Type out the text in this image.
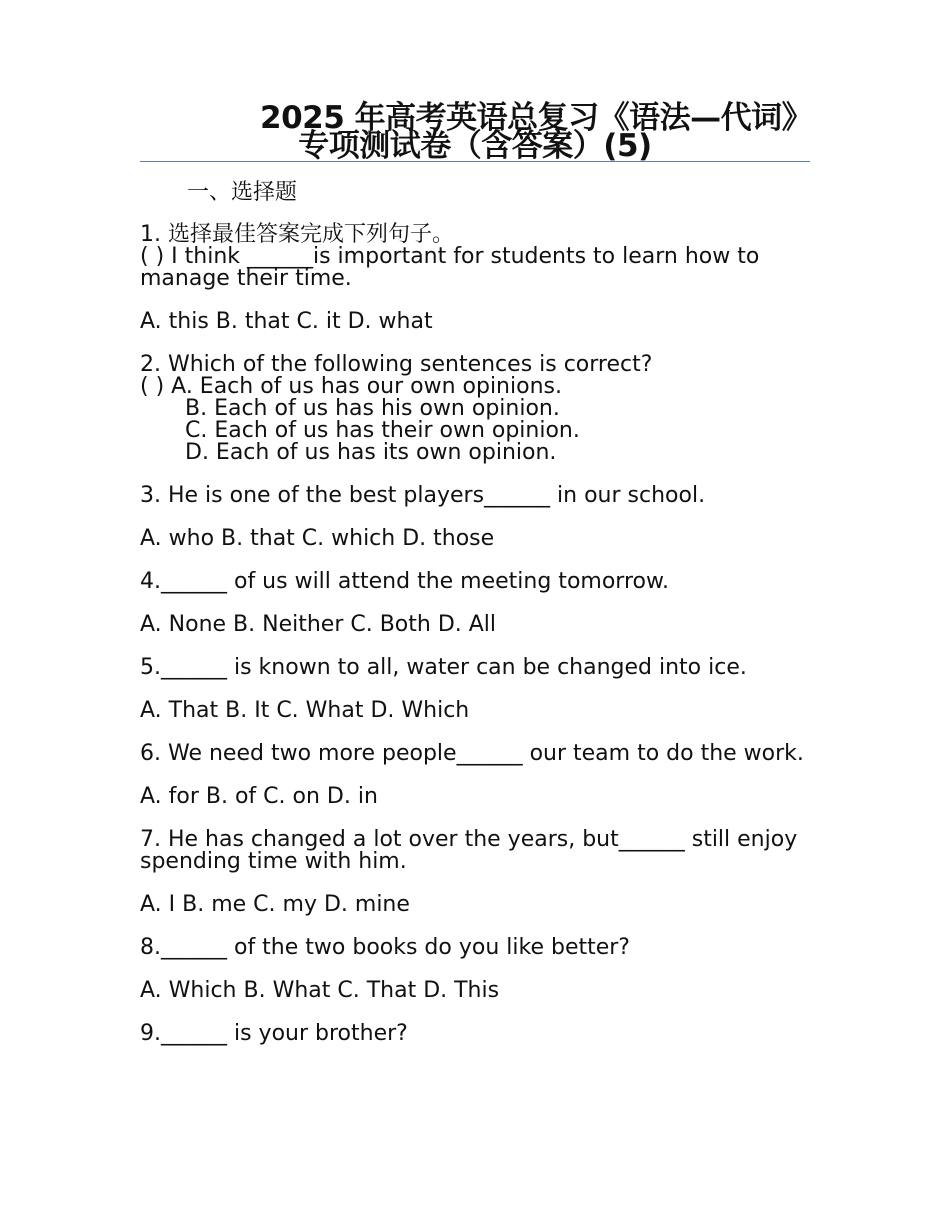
2025 年高考英语总复习《语法—代词》
专项测试卷（含答案）(5)
一、选择题

1. 选择最佳答案完成下列句子。

( ) I think ______is important for students to learn how to manage their time.

A. this B. that C. it D. what

2. Which of the following sentences is correct?

( ) A. Each of us has our own opinions.

B. Each of us has his own opinion.

C. Each of us has their own opinion.

D. Each of us has its own opinion.

3. He is one of the best players______ in our school.

A. who B. that C. which D. those

4.______ of us will attend the meeting tomorrow.

A. None B. Neither C. Both D. All

5.______ is known to all, water can be changed into ice.

A. That B. It C. What D. Which

6. We need two more people______ our team to do the work.

A. for B. of C. on D. in

7. He has changed a lot over the years, but______ still enjoy spending time with him.

A. I B. me C. my D. mine

8.______ of the two books do you like better?

A. Which B. What C. That D. This

9.______ is your brother?
